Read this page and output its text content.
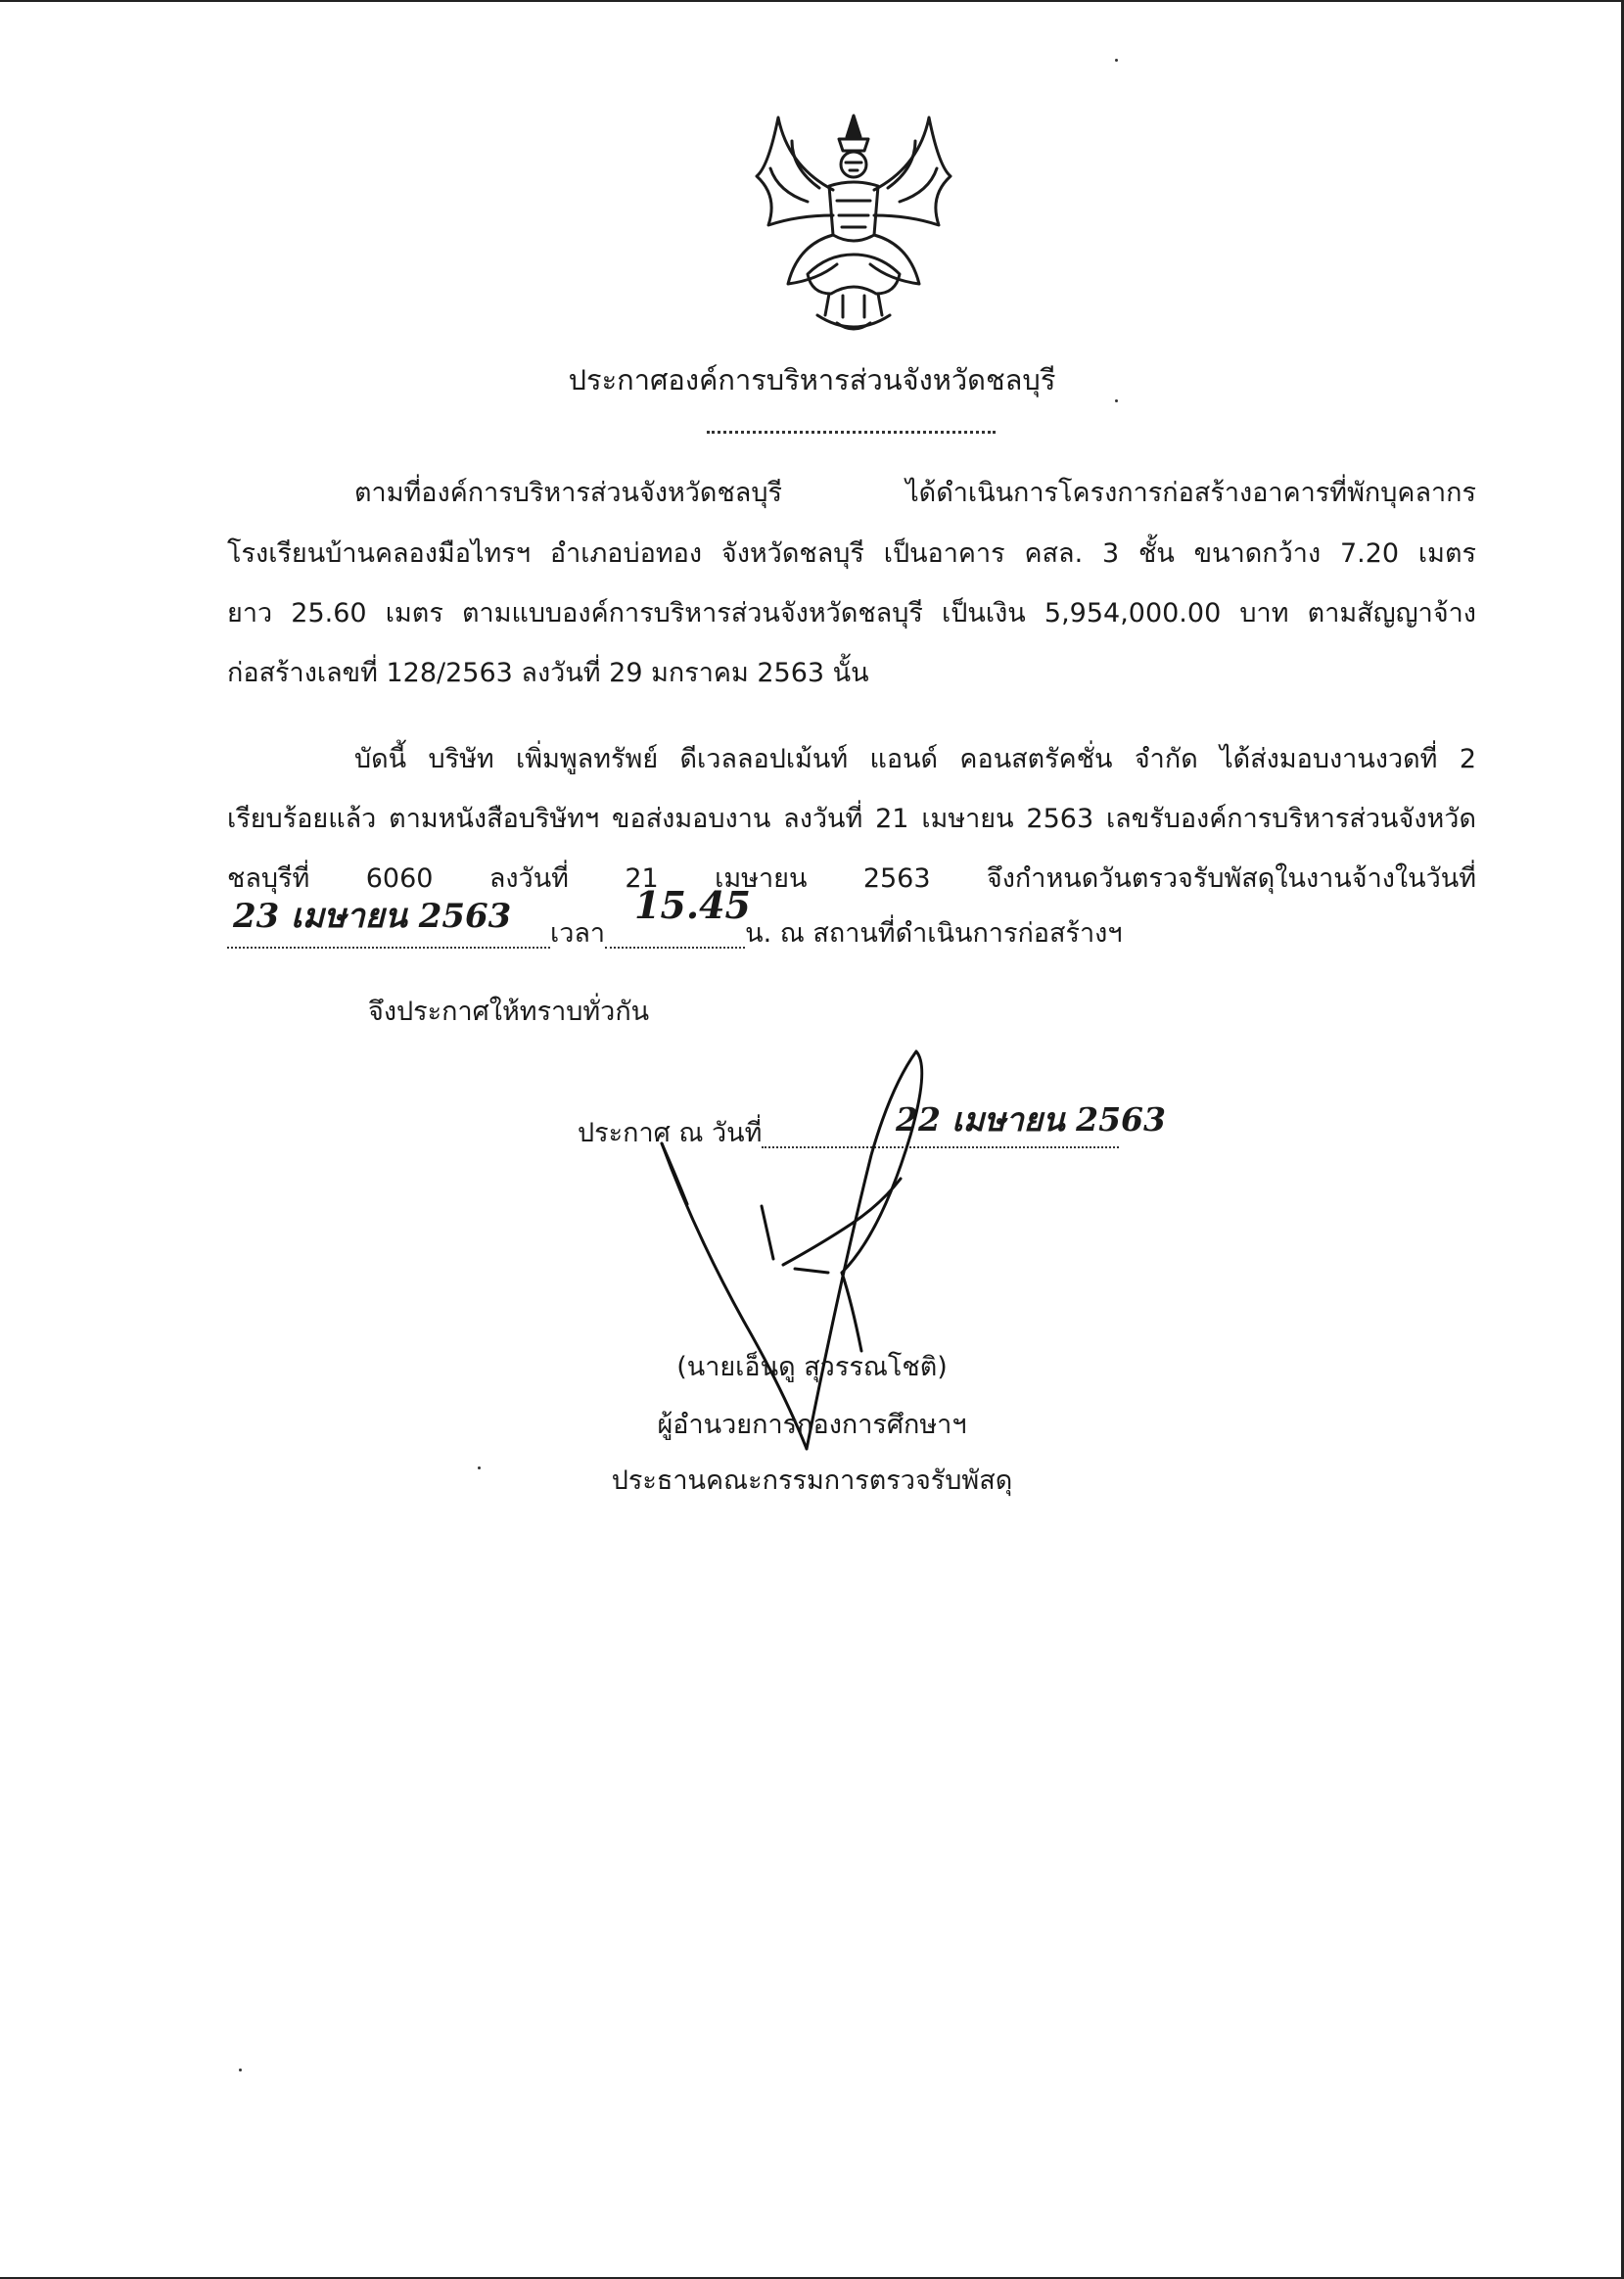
ประกาศองค์การบริหารส่วนจังหวัดชลบุรี
ตามที่องค์การบริหารส่วนจังหวัดชลบุรี ได้ดำเนินการโครงการก่อสร้างอาคารที่พักบุคลากร
โรงเรียนบ้านคลองมือไทรฯ อำเภอบ่อทอง จังหวัดชลบุรี เป็นอาคาร คสล. 3 ชั้น ขนาดกว้าง 7.20 เมตร
ยาว 25.60 เมตร ตามแบบองค์การบริหารส่วนจังหวัดชลบุรี เป็นเงิน 5,954,000.00 บาท ตามสัญญาจ้าง
ก่อสร้างเลขที่ 128/2563 ลงวันที่ 29 มกราคม 2563 นั้น
บัดนี้ บริษัท เพิ่มพูลทรัพย์ ดีเวลลอปเม้นท์ แอนด์ คอนสตรัคชั่น จำกัด ได้ส่งมอบงานงวดที่ 2
เรียบร้อยแล้ว ตามหนังสือบริษัทฯ ขอส่งมอบงาน ลงวันที่ 21 เมษายน 2563 เลขรับองค์การบริหารส่วนจังหวัด
ชลบุรีที่ 6060 ลงวันที่ 21 เมษายน 2563 จึงกำหนดวันตรวจรับพัสดุในงานจ้างในวันที่
เวลา	น. ณ สถานที่ดำเนินการก่อสร้างฯ
23 เมษายน 2563	15.45
จึงประกาศให้ทราบทั่วกัน
ประกาศ ณ วันที่	22 เมษายน 2563
(นายเอ็นดู สุวรรณโชติ)
ผู้อำนวยการกองการศึกษาฯ
ประธานคณะกรรมการตรวจรับพัสดุ
